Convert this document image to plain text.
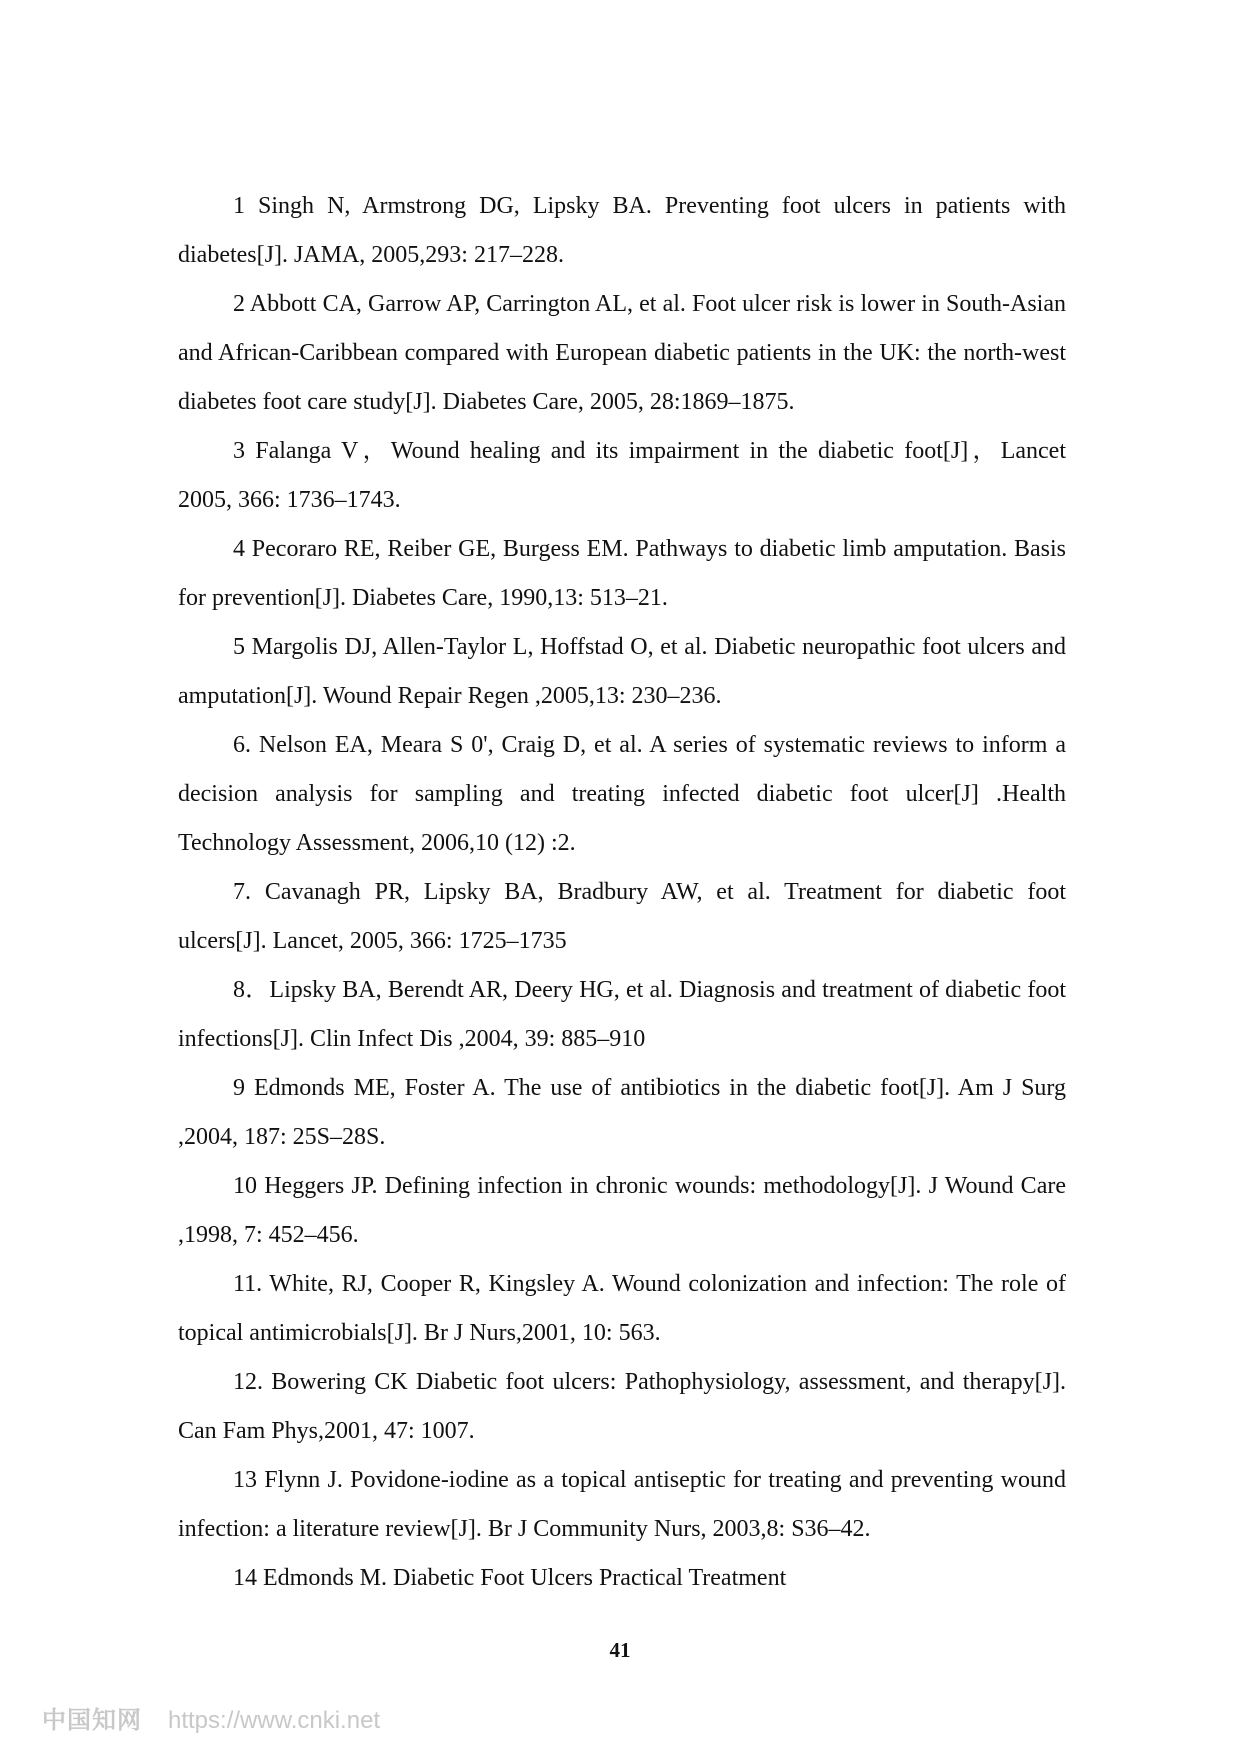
1 Singh N, Armstrong DG, Lipsky BA. Preventing foot ulcers in patients with diabetes[J]. JAMA, 2005,293: 217–228.

2 Abbott CA, Garrow AP, Carrington AL, et al. Foot ulcer risk is lower in South-Asian and African-Caribbean compared with European diabetic patients in the UK: the north-west diabetes foot care study[J]. Diabetes Care, 2005, 28:1869–1875.

3 Falanga V，Wound healing and its impairment in the diabetic foot[J]，Lancet 2005, 366: 1736–1743.

4 Pecoraro RE, Reiber GE, Burgess EM. Pathways to diabetic limb amputation. Basis for prevention[J]. Diabetes Care, 1990,13: 513–21.

5 Margolis DJ, Allen-Taylor L, Hoffstad O, et al. Diabetic neuropathic foot ulcers and amputation[J]. Wound Repair Regen ,2005,13: 230–236.

6. Nelson EA, Meara S 0', Craig D, et al. A series of systematic reviews to inform a decision analysis for sampling and treating infected diabetic foot ulcer[J] .Health Technology Assessment, 2006,10 (12) :2.

7. Cavanagh PR, Lipsky BA, Bradbury AW, et al. Treatment for diabetic foot ulcers[J]. Lancet, 2005, 366: 1725–1735

8．Lipsky BA, Berendt AR, Deery HG, et al. Diagnosis and treatment of diabetic foot infections[J]. Clin Infect Dis ,2004, 39: 885–910

9 Edmonds ME, Foster A. The use of antibiotics in the diabetic foot[J]. Am J Surg ,2004, 187: 25S–28S.

10 Heggers JP. Defining infection in chronic wounds: methodology[J]. J Wound Care ,1998, 7: 452–456.

11. White, RJ, Cooper R, Kingsley A. Wound colonization and infection: The role of topical antimicrobials[J]. Br J Nurs,2001, 10: 563.

12. Bowering CK Diabetic foot ulcers: Pathophysiology, assessment, and therapy[J]. Can Fam Phys,2001, 47: 1007.

13 Flynn J. Povidone-iodine as a topical antiseptic for treating and preventing wound infection: a literature review[J]. Br J Community Nurs, 2003,8: S36–42.

14 Edmonds M. Diabetic Foot Ulcers Practical Treatment

41
中国知网 https://www.cnki.net
